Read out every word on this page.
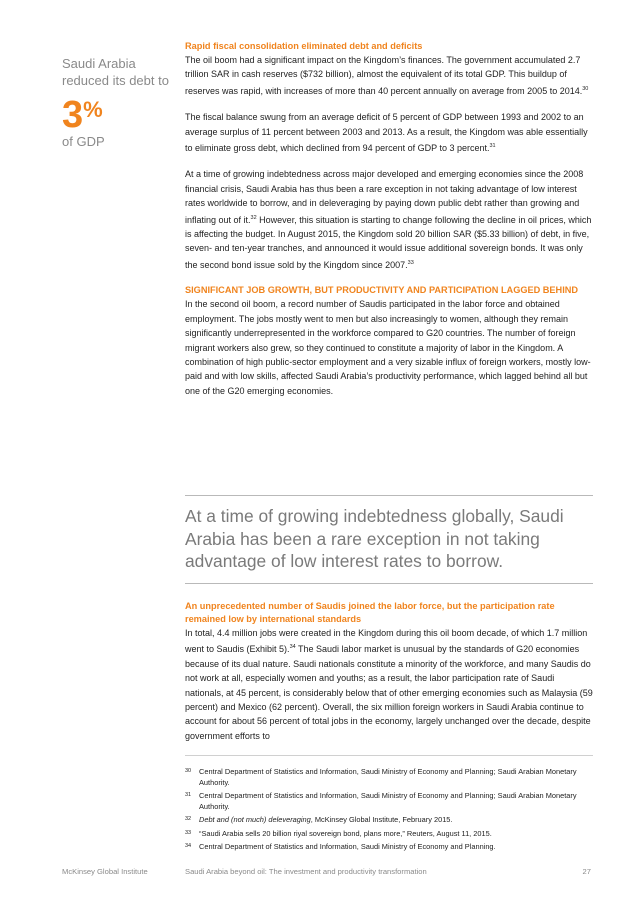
Saudi Arabia reduced its debt to
3%
of GDP
Rapid fiscal consolidation eliminated debt and deficits

The oil boom had a significant impact on the Kingdom’s finances. The government accumulated 2.7 trillion SAR in cash reserves ($732 billion), almost the equivalent of its total GDP. This buildup of reserves was rapid, with increases of more than 40 percent annually on average from 2005 to 2014.30

The fiscal balance swung from an average deficit of 5 percent of GDP between 1993 and 2002 to an average surplus of 11 percent between 2003 and 2013. As a result, the Kingdom was able essentially to eliminate gross debt, which declined from 94 percent of GDP to 3 percent.$^{31}$

At a time of growing indebtedness across major developed and emerging economies since the 2008 financial crisis, Saudi Arabia has thus been a rare exception in not taking advantage of low interest rates worldwide to borrow, and in deleveraging by paying down public debt rather than growing and inflating out of it.$^{32}$ However, this situation is starting to change following the decline in oil prices, which is affecting the budget. In August 2015, the Kingdom sold 20 billion SAR ($5.33 billion) of debt, in five, seven- and ten-year tranches, and announced it would issue additional sovereign bonds. It was only the second bond issue sold by the Kingdom since 2007.33

SIGNIFICANT JOB GROWTH, BUT PRODUCTIVITY AND PARTICIPATION LAGGED BEHIND

In the second oil boom, a record number of Saudis participated in the labor force and obtained employment. The jobs mostly went to men but also increasingly to women, although they remain significantly underrepresented in the workforce compared to G20 countries. The number of foreign migrant workers also grew, so they continued to constitute a majority of labor in the Kingdom. A combination of high public-sector employment and a very sizable influx of foreign workers, mostly low-paid and with low skills, affected Saudi Arabia’s productivity performance, which lagged behind all but one of the G20 emerging economies.

At a time of growing indebtedness globally, Saudi Arabia has been a rare exception in not taking advantage of low interest rates to borrow.
An unprecedented number of Saudis joined the labor force, but the participation rate remained low by international standards

In total, 4.4 million jobs were created in the Kingdom during this oil boom decade, of which 1.7 million went to Saudis (Exhibit 5).$^{34}$ The Saudi labor market is unusual by the standards of G20 economies because of its dual nature. Saudi nationals constitute a minority of the workforce, and many Saudis do not work at all, especially women and youths; as a result, the labor participation rate of Saudi nationals, at 45 percent, is considerably below that of other emerging economies such as Malaysia (59 percent) and Mexico (62 percent). Overall, the six million foreign workers in Saudi Arabia continue to account for about 56 percent of total jobs in the economy, largely unchanged over the decade, despite government efforts to

30	Central Department of Statistics and Information, Saudi Ministry of Economy and Planning; Saudi Arabian Monetary Authority.
31	Central Department of Statistics and Information, Saudi Ministry of Economy and Planning; Saudi Arabian Monetary Authority.
32	Debt and (not much) deleveraging, McKinsey Global Institute, February 2015.
33	“Saudi Arabia sells 20 billion riyal sovereign bond, plans more,” Reuters, August 11, 2015.
34	Central Department of Statistics and Information, Saudi Ministry of Economy and Planning.
McKinsey Global Institute	Saudi Arabia beyond oil: The investment and productivity transformation	27
